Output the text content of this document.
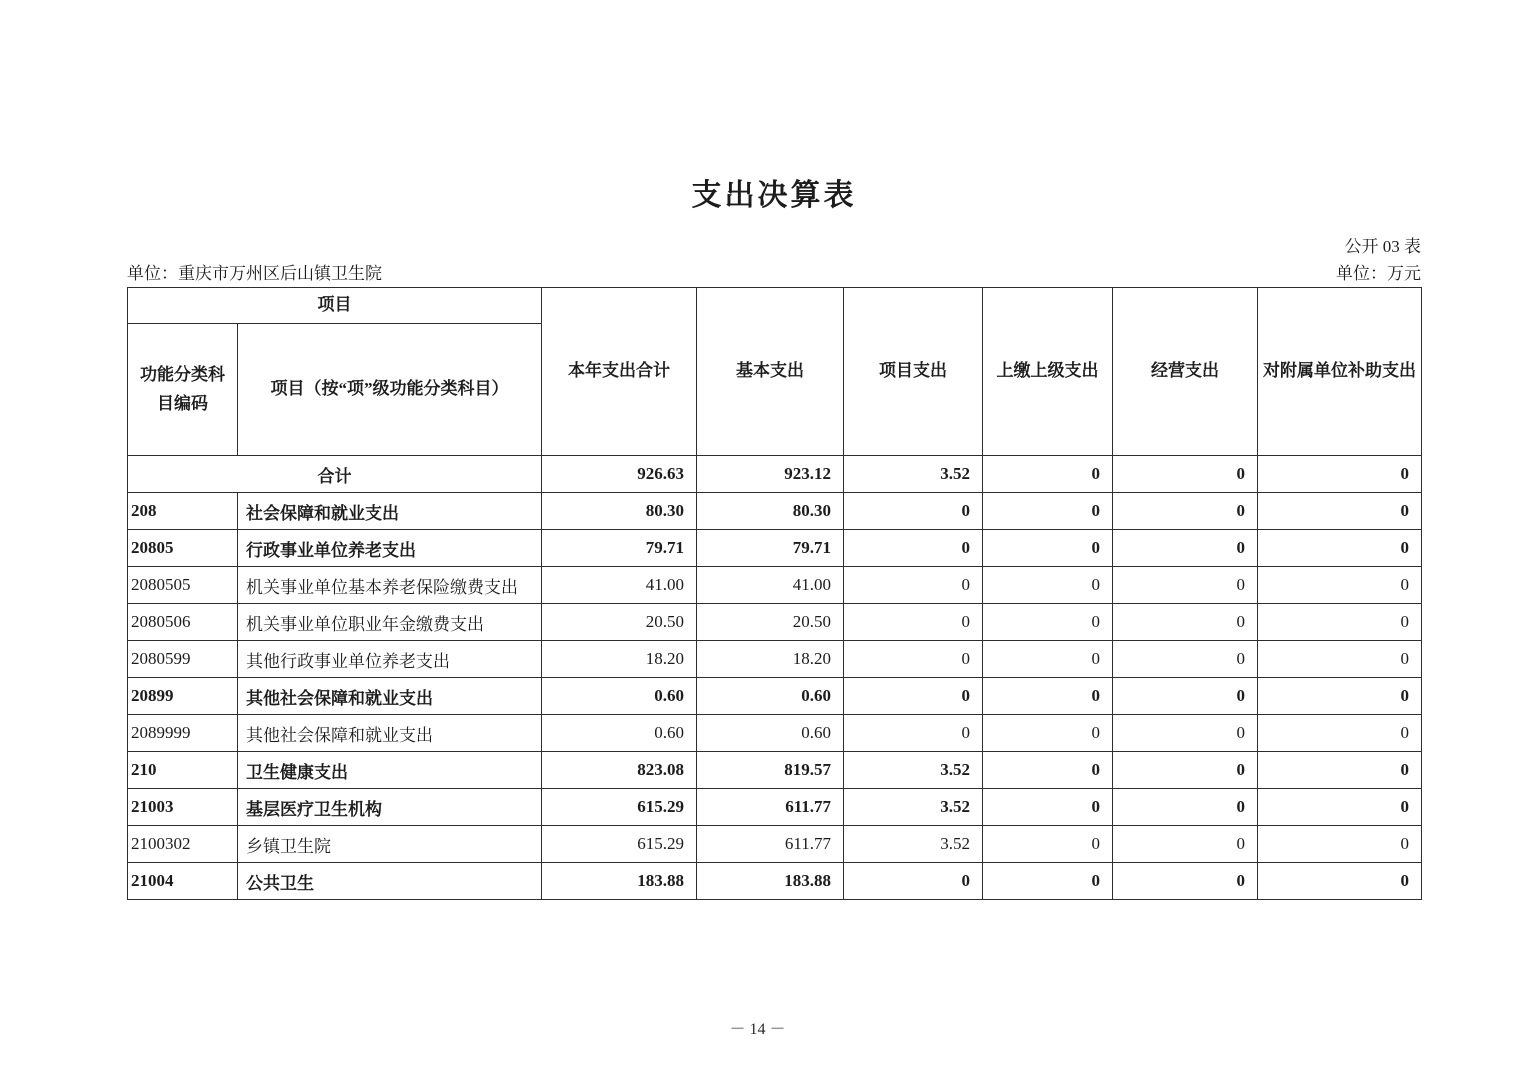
支出决算表
公开 03 表
单位：重庆市万州区后山镇卫生院	单位：万元
项目		本年支出合计	基本支出	项目支出	上缴上级支出	经营支出	对附属单位补助支出
功能分类科目编码	项目（按“项”级功能分类科目）						
合计		926.63	923.12	3.52	0	0	0
208	社会保障和就业支出	80.30	80.30	0	0	0	0
20805	行政事业单位养老支出	79.71	79.71	0	0	0	0
2080505	机关事业单位基本养老保险缴费支出	41.00	41.00	0	0	0	0
2080506	机关事业单位职业年金缴费支出	20.50	20.50	0	0	0	0
2080599	其他行政事业单位养老支出	18.20	18.20	0	0	0	0
20899	其他社会保障和就业支出	0.60	0.60	0	0	0	0
2089999	其他社会保障和就业支出	0.60	0.60	0	0	0	0
210	卫生健康支出	823.08	819.57	3.52	0	0	0
21003	基层医疗卫生机构	615.29	611.77	3.52	0	0	0
2100302	乡镇卫生院	615.29	611.77	3.52	0	0	0
21004	公共卫生	183.88	183.88	0	0	0	0
－ 14 －
